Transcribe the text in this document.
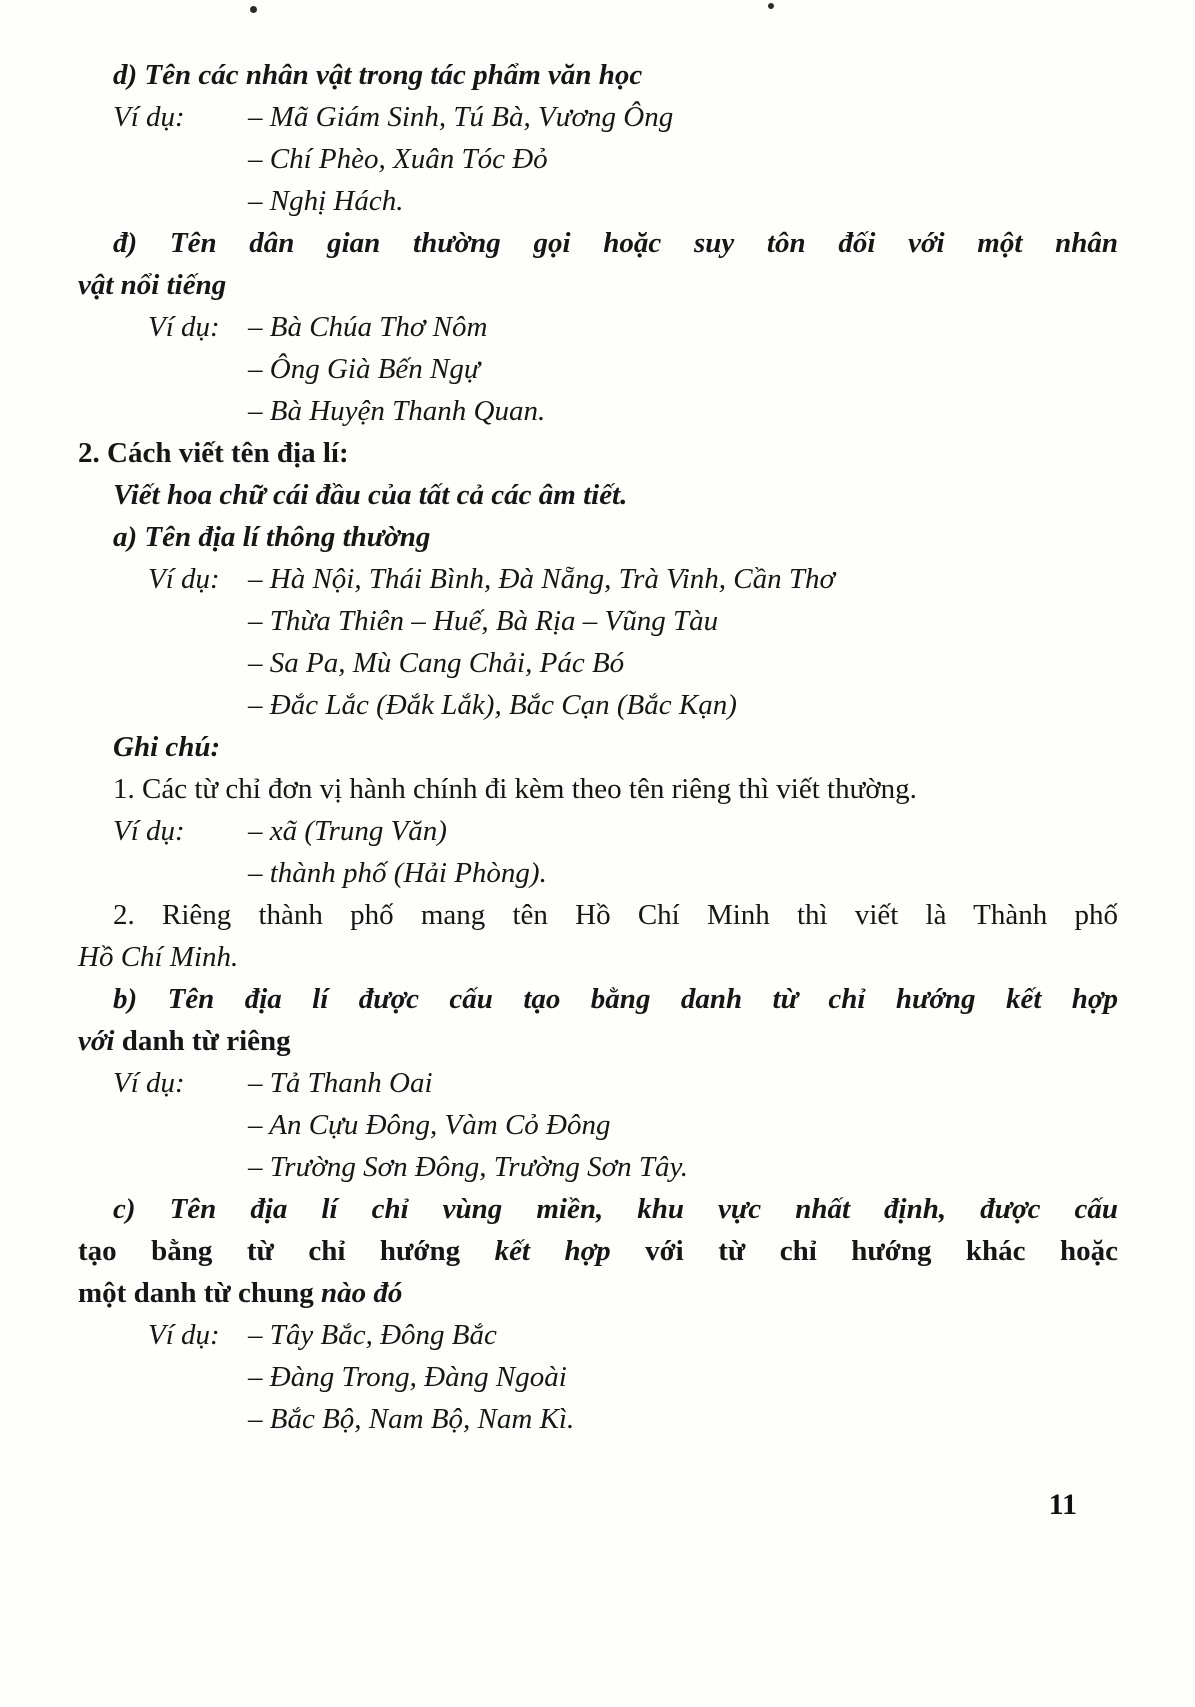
d) Tên các nhân vật trong tác phẩm văn học
Ví dụ: – Mã Giám Sinh, Tú Bà, Vương Ông
– Chí Phèo, Xuân Tóc Đỏ
– Nghị Hách.
đ) Tên dân gian thường gọi hoặc suy tôn đối với một nhân
vật nổi tiếng
Ví dụ: – Bà Chúa Thơ Nôm
– Ông Già Bến Ngự
– Bà Huyện Thanh Quan.
2. Cách viết tên địa lí:
Viết hoa chữ cái đầu của tất cả các âm tiết.
a) Tên địa lí thông thường
Ví dụ: – Hà Nội, Thái Bình, Đà Nẵng, Trà Vinh, Cần Thơ
– Thừa Thiên – Huế, Bà Rịa – Vũng Tàu
– Sa Pa, Mù Cang Chải, Pác Bó
– Đắc Lắc (Đắk Lắk), Bắc Cạn (Bắc Kạn)
Ghi chú:
1. Các từ chỉ đơn vị hành chính đi kèm theo tên riêng thì viết thường.
Ví dụ: – xã (Trung Văn)
– thành phố (Hải Phòng).
2. Riêng thành phố mang tên Hồ Chí Minh thì viết là Thành phố
Hồ Chí Minh.
b) Tên địa lí được cấu tạo bằng danh từ chỉ hướng kết hợp
với danh từ riêng
Ví dụ: – Tả Thanh Oai
– An Cựu Đông, Vàm Cỏ Đông
– Trường Sơn Đông, Trường Sơn Tây.
c) Tên địa lí chỉ vùng miền, khu vực nhất định, được cấu
tạo bằng từ chỉ hướng kết hợp với từ chỉ hướng khác hoặc
một danh từ chung nào đó
Ví dụ: – Tây Bắc, Đông Bắc
– Đàng Trong, Đàng Ngoài
– Bắc Bộ, Nam Bộ, Nam Kì.
11
